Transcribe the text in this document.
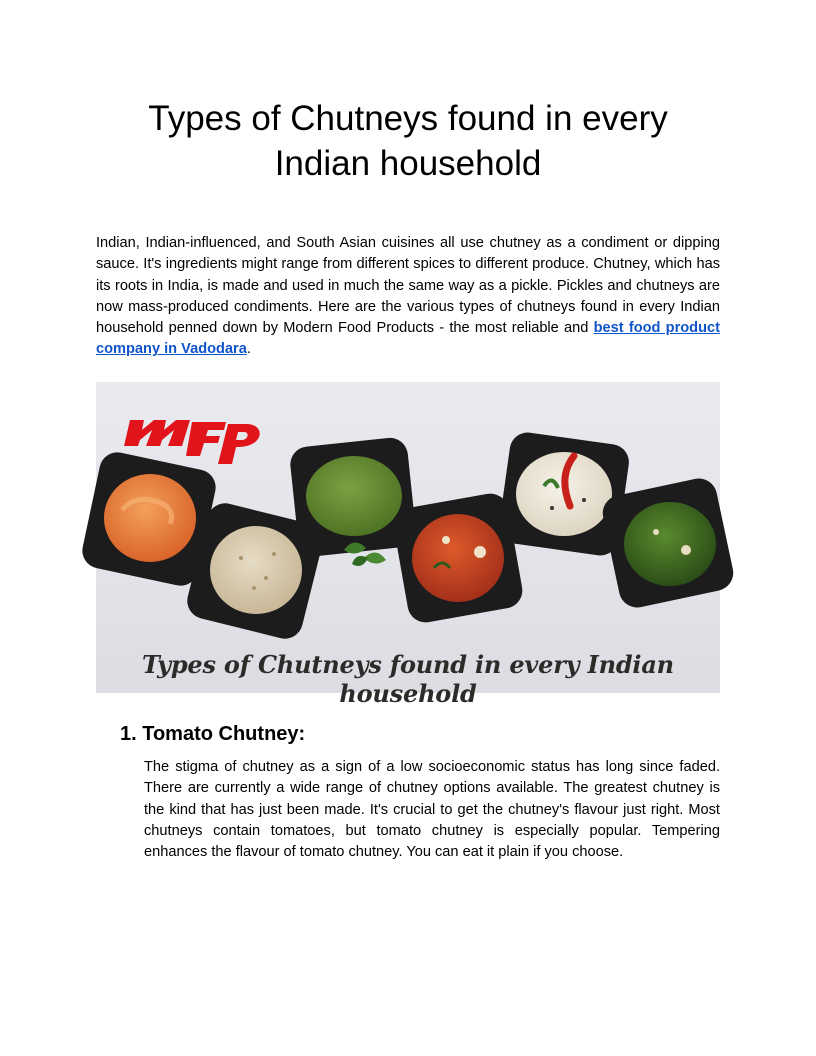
Types of Chutneys found in every Indian household

Indian, Indian-influenced, and South Asian cuisines all use chutney as a condiment or dipping sauce. It's ingredients might range from different spices to different produce. Chutney, which has its roots in India, is made and used in much the same way as a pickle. Pickles and chutneys are now mass-produced condiments. Here are the various types of chutneys found in every Indian household penned down by Modern Food Products - the most reliable and best food product company in Vadodara.

Types of Chutneys found in every Indian household
1. Tomato Chutney:

The stigma of chutney as a sign of a low socioeconomic status has long since faded. There are currently a wide range of chutney options available. The greatest chutney is the kind that has just been made. It's crucial to get the chutney's flavour just right. Most chutneys contain tomatoes, but tomato chutney is especially popular. Tempering enhances the flavour of tomato chutney. You can eat it plain if you choose.
